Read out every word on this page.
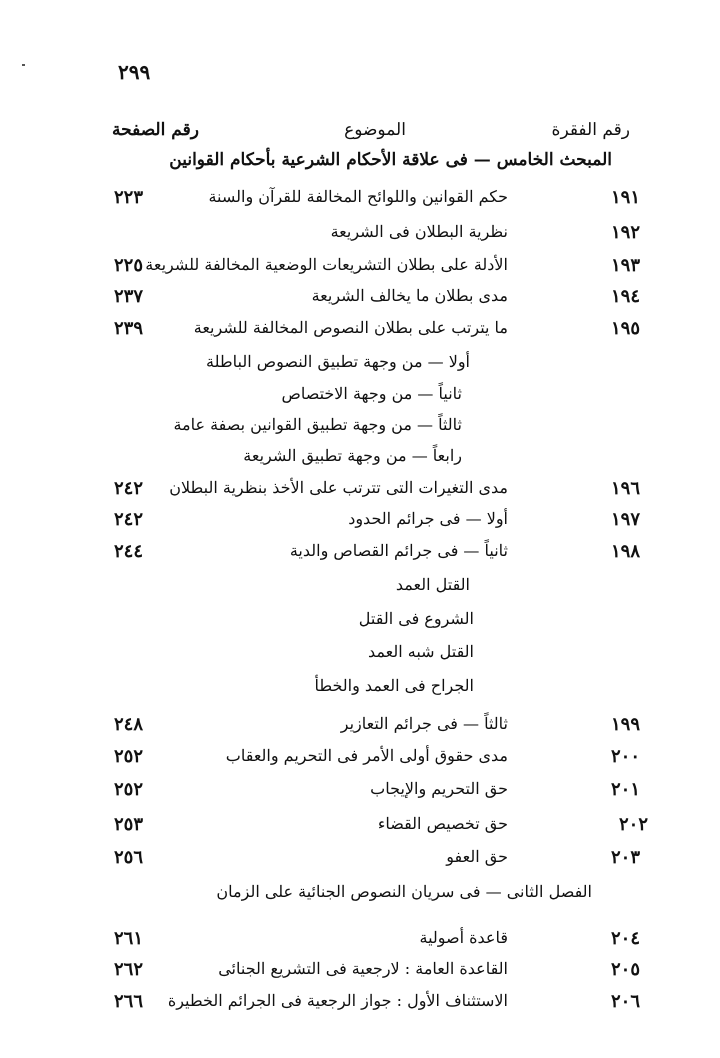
٢٩٩
رقم الفقرة
الموضوع
رقم الصفحة
المبحث الخامس — فى علاقة الأحكام الشرعية بأحكام القوانين
١٩١
حكم القوانين واللوائح المخالفة للقرآن والسنة
٢٢٣
١٩٢
نظرية البطلان فى الشريعة
١٩٣
الأدلة على بطلان التشريعات الوضعية المخالفة للشريعة
٢٢٥
١٩٤
مدى بطلان ما يخالف الشريعة
٢٣٧
١٩٥
ما يترتب على بطلان النصوص المخالفة للشريعة
٢٣٩
أولا — من وجهة تطبيق النصوص الباطلة
ثانياً — من وجهة الاختصاص
ثالثاً — من وجهة تطبيق القوانين بصفة عامة
رابعاً — من وجهة تطبيق الشريعة
١٩٦
مدى التغيرات التى تترتب على الأخذ بنظرية البطلان
٢٤٢
١٩٧
أولا — فى جرائم الحدود
٢٤٢
١٩٨
ثانياً — فى جرائم القصاص والدية
٢٤٤
القتل العمد
الشروع فى القتل
القتل شبه العمد
الجراح فى العمد والخطأ
١٩٩
ثالثاً — فى جرائم التعازير
٢٤٨
٢٠٠
مدى حقوق أولى الأمر فى التحريم والعقاب
٢٥٢
٢٠١
حق التحريم والإيجاب
٢٥٢
٢٠٢
حق تخصيص القضاء
٢٥٣
٢٠٣
حق العفو
٢٥٦
الفصل الثانى — فى سريان النصوص الجنائية على الزمان
٢٠٤
قاعدة أصولية
٢٦١
٢٠٥
القاعدة العامة : لارجعية فى التشريع الجنائى
٢٦٢
٢٠٦
الاستثناف الأول : جواز الرجعية فى الجرائم الخطيرة
٢٦٦
